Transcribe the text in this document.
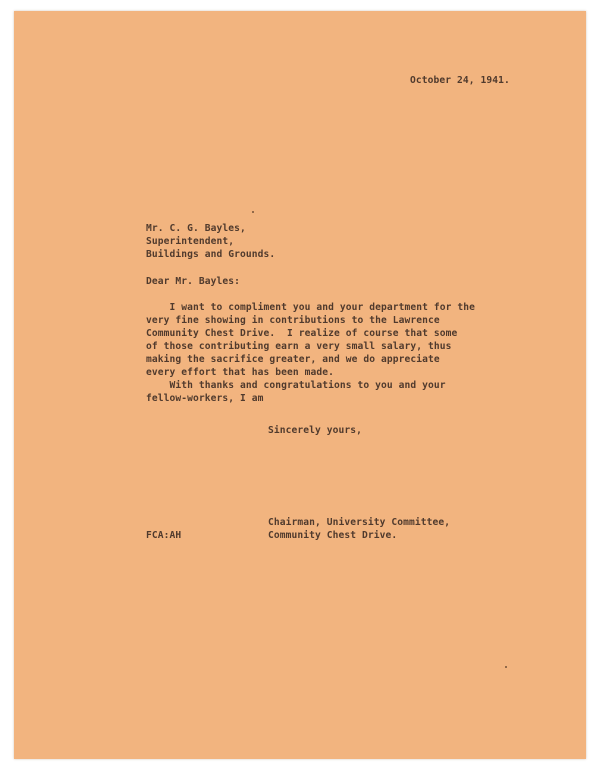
October 24, 1941.
Mr. C. G. Bayles,
Superintendent,
Buildings and Grounds.
Dear Mr. Bayles:
I want to compliment you and your department for the
very fine showing in contributions to the Lawrence
Community Chest Drive.  I realize of course that some
of those contributing earn a very small salary, thus
making the sacrifice greater, and we do appreciate
every effort that has been made.
With thanks and congratulations to you and your
fellow-workers, I am
Sincerely yours,
Chairman, University Committee,
Community Chest Drive.
FCA:AH
